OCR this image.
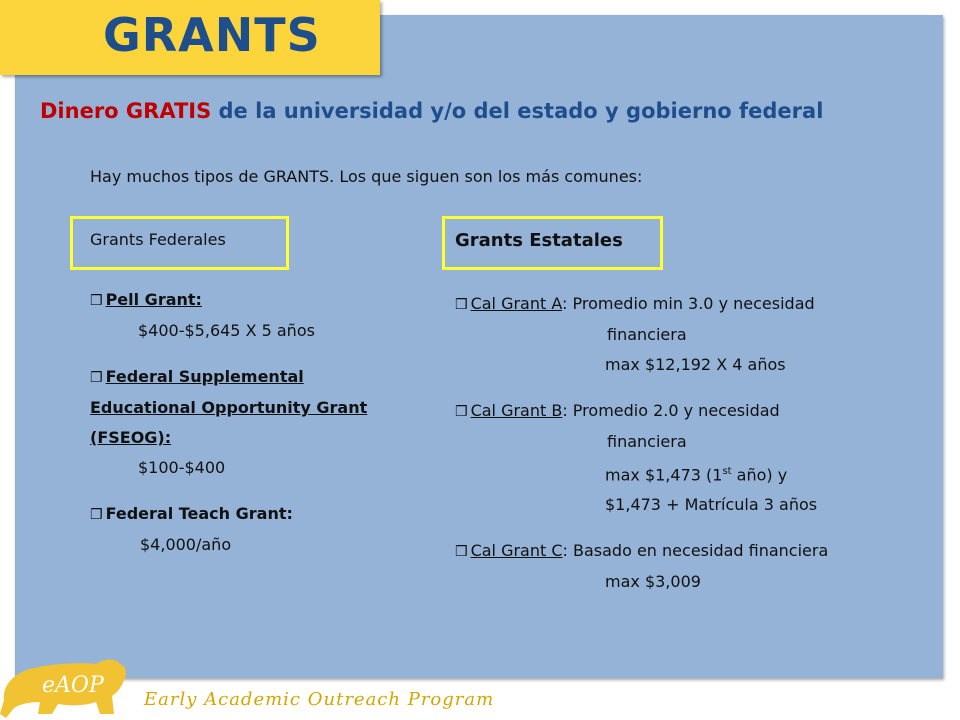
GRANTS
Dinero GRATIS de la universidad y/o del estado y gobierno federal
Hay muchos tipos de GRANTS. Los que siguen son los más comunes:
Grants Federales	Grants Estatales
❒ Pell Grant:
$400-$5,645 X 5 años
❒ Federal Supplemental
Educational Opportunity Grant
(FSEOG):
$100-$400
❒ Federal Teach Grant:
$4,000/año
❒ Cal Grant A: Promedio min 3.0 y necesidad
financiera
max $12,192 X 4 años
❒ Cal Grant B: Promedio 2.0 y necesidad
financiera
max $1,473 (1st año) y
$1,473 + Matrícula 3 años
❒ Cal Grant C: Basado en necesidad financiera
max $3,009
eAOP
Early Academic Outreach Program
